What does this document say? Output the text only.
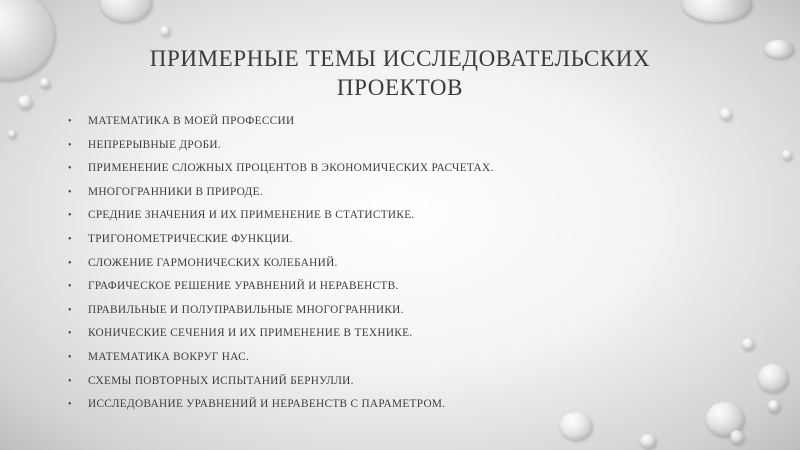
ПРИМЕРНЫЕ ТЕМЫ ИССЛЕДОВАТЕЛЬСКИХ
ПРОЕКТОВ
• МАТЕМАТИКА В МОЕЙ ПРОФЕССИИ
• НЕПРЕРЫВНЫЕ ДРОБИ.
• ПРИМЕНЕНИЕ СЛОЖНЫХ ПРОЦЕНТОВ В ЭКОНОМИЧЕСКИХ РАСЧЕТАХ.
• МНОГОГРАННИКИ В ПРИРОДЕ.
• СРЕДНИЕ ЗНАЧЕНИЯ И ИХ ПРИМЕНЕНИЕ В СТАТИСТИКЕ.
• ТРИГОНОМЕТРИЧЕСКИЕ ФУНКЦИИ.
• СЛОЖЕНИЕ ГАРМОНИЧЕСКИХ КОЛЕБАНИЙ.
• ГРАФИЧЕСКОЕ РЕШЕНИЕ УРАВНЕНИЙ И НЕРАВЕНСТВ.
• ПРАВИЛЬНЫЕ И ПОЛУПРАВИЛЬНЫЕ МНОГОГРАННИКИ.
• КОНИЧЕСКИЕ СЕЧЕНИЯ И ИХ ПРИМЕНЕНИЕ В ТЕХНИКЕ.
• МАТЕМАТИКА ВОКРУГ НАС.
• СХЕМЫ ПОВТОРНЫХ ИСПЫТАНИЙ БЕРНУЛЛИ.
• ИССЛЕДОВАНИЕ УРАВНЕНИЙ И НЕРАВЕНСТВ С ПАРАМЕТРОМ.
